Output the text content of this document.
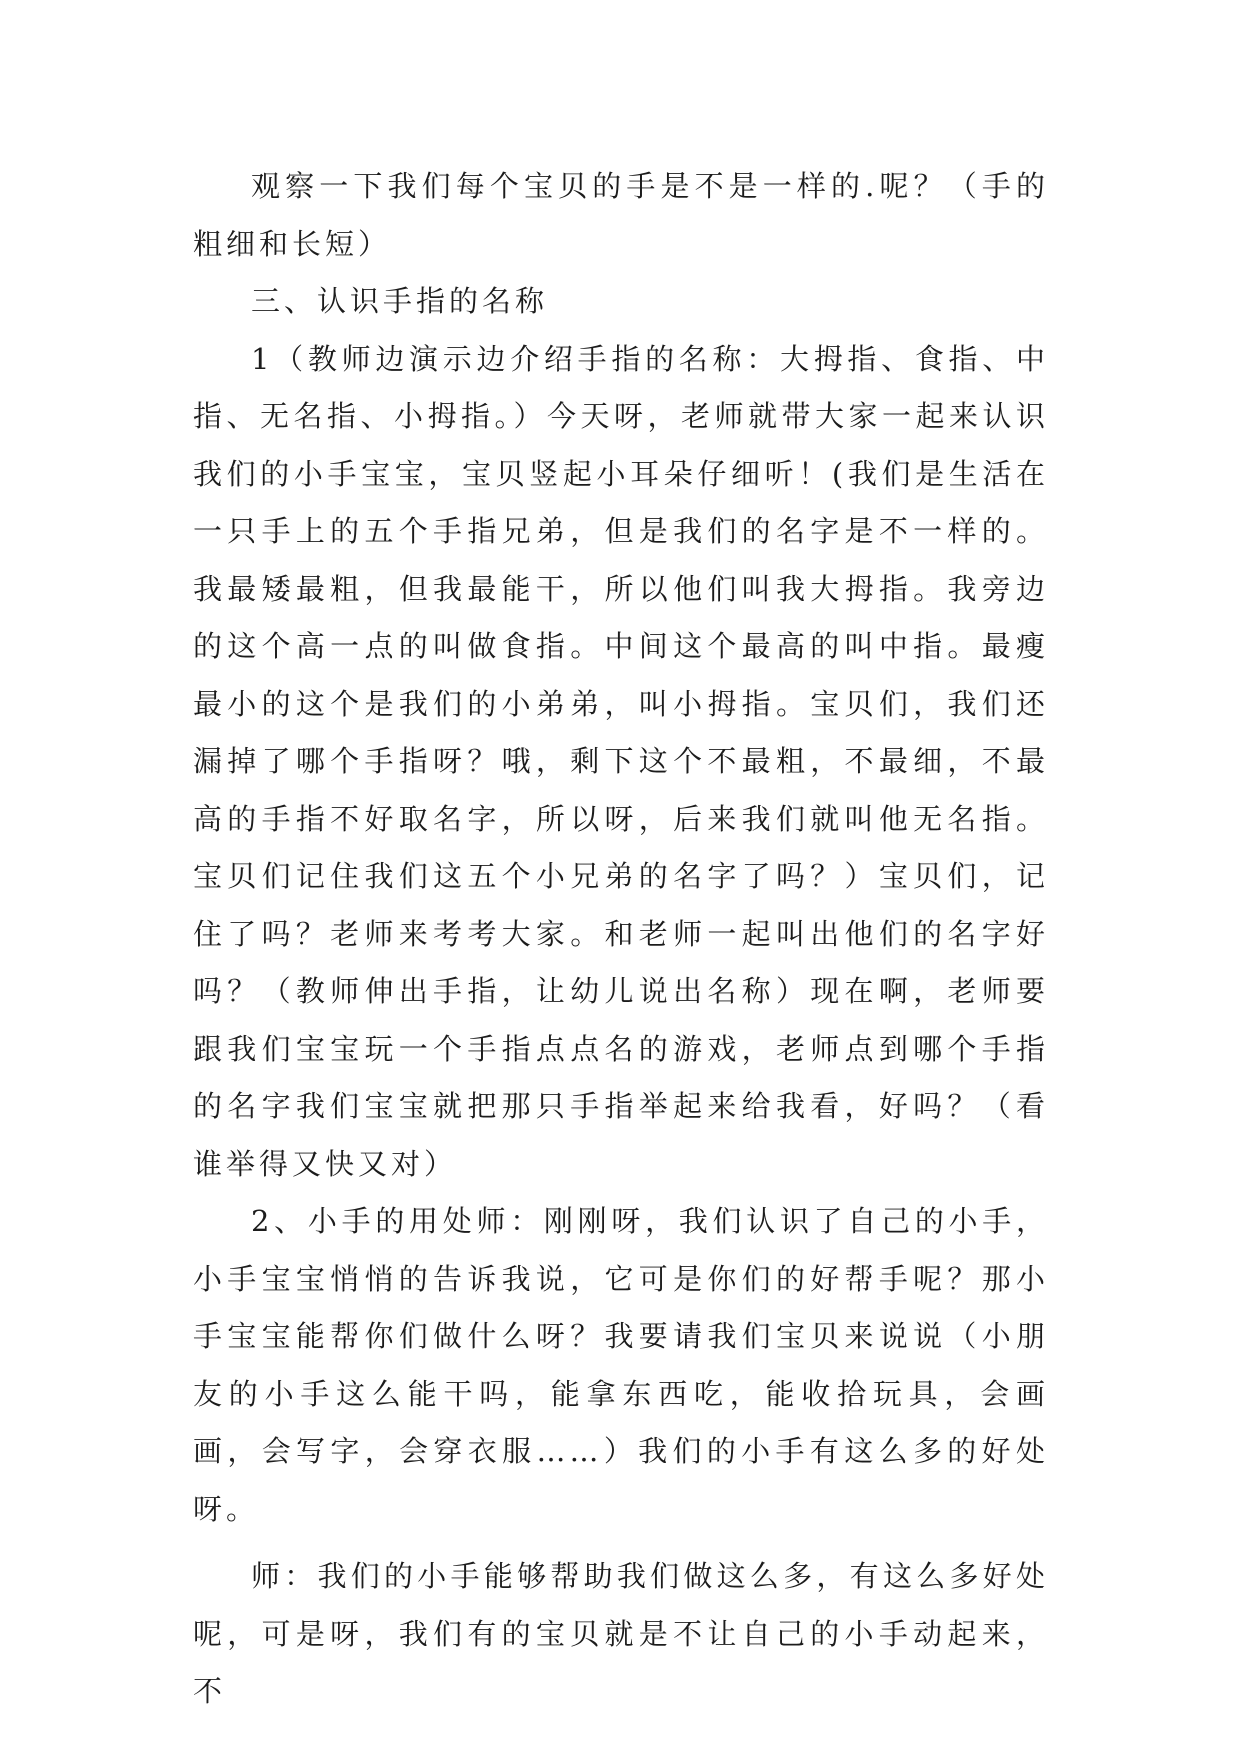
观察一下我们每个宝贝的手是不是一样的.呢？（手的粗细和长短）

三、认识手指的名称

1（教师边演示边介绍手指的名称：大拇指、食指、中指、无名指、小拇指。）今天呀，老师就带大家一起来认识我们的小手宝宝，宝贝竖起小耳朵仔细听！(我们是生活在一只手上的五个手指兄弟，但是我们的名字是不一样的。我最矮最粗，但我最能干，所以他们叫我大拇指。我旁边的这个高一点的叫做食指。中间这个最高的叫中指。最瘦最小的这个是我们的小弟弟，叫小拇指。宝贝们，我们还漏掉了哪个手指呀？哦，剩下这个不最粗，不最细，不最高的手指不好取名字，所以呀，后来我们就叫他无名指。宝贝们记住我们这五个小兄弟的名字了吗？）宝贝们，记住了吗？老师来考考大家。和老师一起叫出他们的名字好吗？（教师伸出手指，让幼儿说出名称）现在啊，老师要跟我们宝宝玩一个手指点点名的游戏，老师点到哪个手指的名字我们宝宝就把那只手指举起来给我看，好吗？（看谁举得又快又对）

2、小手的用处师：刚刚呀，我们认识了自己的小手，小手宝宝悄悄的告诉我说，它可是你们的好帮手呢？那小手宝宝能帮你们做什么呀？我要请我们宝贝来说说（小朋友的小手这么能干吗，能拿东西吃，能收拾玩具，会画画，会写字，会穿衣服……）我们的小手有这么多的好处呀。

师：我们的小手能够帮助我们做这么多，有这么多好处呢，可是呀，我们有的宝贝就是不让自己的小手动起来，不
